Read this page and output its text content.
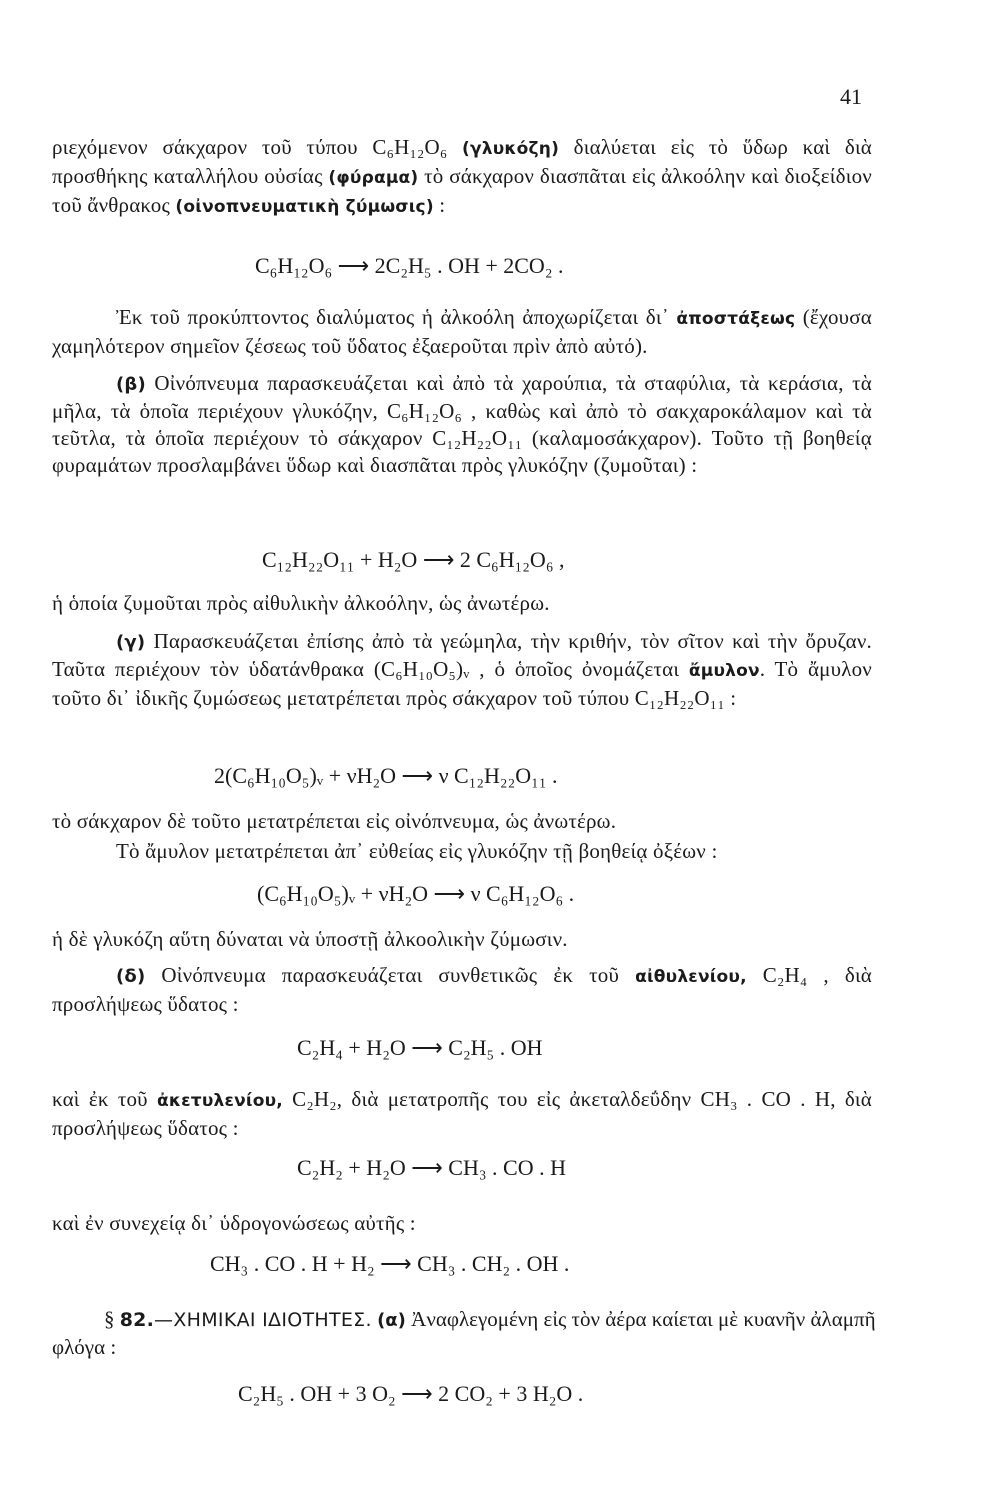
41
ριεχόμενον σάκχαρον τοῦ τύπου C₆H₁₂O₆ (γλυκόζη) διαλύεται εἰς τὸ ὕδωρ καὶ διὰ προσθήκης καταλλήλου οὐσίας (φύραμα) τὸ σάκχαρον διασπᾶται εἰς ἀλκοόλην καὶ διοξείδιον τοῦ ἄνθρακος (οἰνοπνευματικὴ ζύμωσις) :
C₆H₁₂O₆ ⟶ 2C₂H₅ . OH + 2CO₂ .
Ἐκ τοῦ προκύπτοντος διαλύματος ἡ ἀλκοόλη ἀποχωρίζεται δι᾽ ἀποστάξεως (ἔχουσα χαμηλότερον σημεῖον ζέσεως τοῦ ὕδατος ἐξαεροῦται πρὶν ἀπὸ αὐτό).
(β) Οἰνόπνευμα παρασκευάζεται καὶ ἀπὸ τὰ χαρούπια, τὰ σταφύλια, τὰ κεράσια, τὰ μῆλα, τὰ ὁποῖα περιέχουν γλυκόζην, C₆H₁₂O₆ , καθὼς καὶ ἀπὸ τὸ σακχαροκάλαμον καὶ τὰ τεῦτλα, τὰ ὁποῖα περιέχουν τὸ σάκχαρον C₁₂H₂₂O₁₁ (καλαμοσάκχαρον). Τοῦτο τῇ βοηθείᾳ φυραμάτων προσλαμβάνει ὕδωρ καὶ διασπᾶται πρὸς γλυκόζην (ζυμοῦται) :
C₁₂H₂₂O₁₁ + H₂O ⟶ 2 C₆H₁₂O₆ ,
ἡ ὁποία ζυμοῦται πρὸς αἰθυλικὴν ἀλκοόλην, ὡς ἀνωτέρω.
(γ) Παρασκευάζεται ἐπίσης ἀπὸ τὰ γεώμηλα, τὴν κριθήν, τὸν σῖτον καὶ τὴν ὄρυζαν. Ταῦτα περιέχουν τὸν ὑδατάνθρακα (C₆H₁₀O₅)ᵥ , ὁ ὁποῖος ὀνομάζεται ἄμυλον. Τὸ ἄμυλον τοῦτο δι᾽ ἰδικῆς ζυμώσεως μετατρέπεται πρὸς σάκχαρον τοῦ τύπου C₁₂H₂₂O₁₁ :
2(C₆H₁₀O₅)ᵥ + νH₂O ⟶ ν C₁₂H₂₂O₁₁ .
τὸ σάκχαρον δὲ τοῦτο μετατρέπεται εἰς οἰνόπνευμα, ὡς ἀνωτέρω.
Τὸ ἄμυλον μετατρέπεται ἀπ᾽ εὐθείας εἰς γλυκόζην τῇ βοηθείᾳ ὀξέων :
(C₆H₁₀O₅)ᵥ + νH₂O ⟶ ν C₆H₁₂O₆ .
ἡ δὲ γλυκόζη αὕτη δύναται νὰ ὑποστῇ ἀλκοολικὴν ζύμωσιν.
(δ) Οἰνόπνευμα παρασκευάζεται συνθετικῶς ἐκ τοῦ αἰθυλενίου, C₂H₄ , διὰ προσλήψεως ὕδατος :
C₂H₄ + H₂O ⟶ C₂H₅ . OH
καὶ ἐκ τοῦ ἀκετυλενίου, C₂H₂, διὰ μετατροπῆς του εἰς ἀκεταλδεΰδην CH₃ . CO . H, διὰ προσλήψεως ὕδατος :
C₂H₂ + H₂O ⟶ CH₃ . CO . H
καὶ ἐν συνεχείᾳ δι᾽ ὑδρογονώσεως αὐτῆς :
CH₃ . CO . H + H₂ ⟶ CH₃ . CH₂ . OH .
§ 82.—ΧΗΜΙΚΑΙ ΙΔΙΟΤΗΤΕΣ. (α) Ἀναφλεγομένη εἰς τὸν ἀέρα καίεται μὲ κυανῆν ἀλαμπῆ φλόγα :
C₂H₅ . OH + 3 O₂ ⟶ 2 CO₂ + 3 H₂O .
